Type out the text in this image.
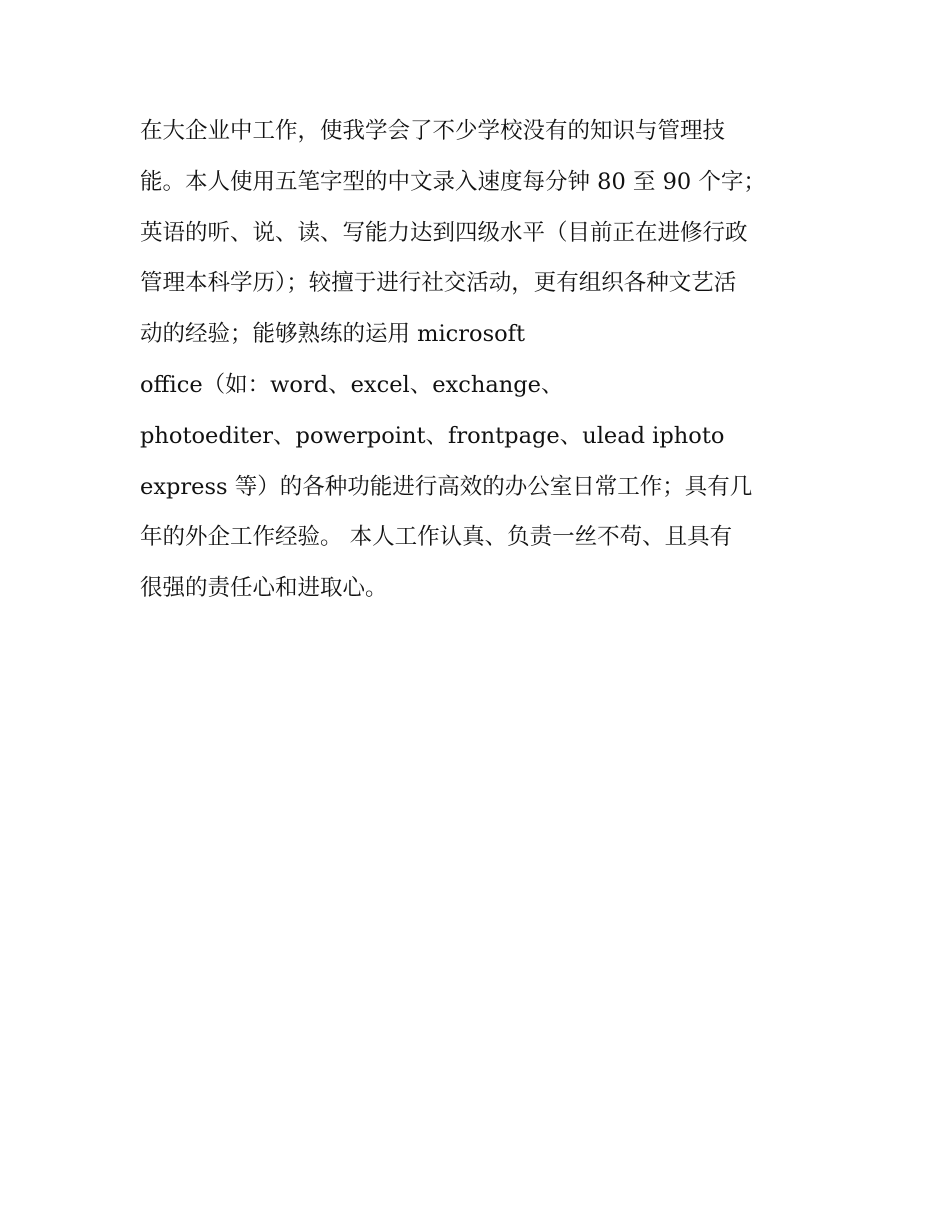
在大企业中工作，使我学会了不少学校没有的知识与管理技
能。本人使用五笔字型的中文录入速度每分钟 80 至 90 个字；
英语的听、说、读、写能力达到四级水平（目前正在进修行政
管理本科学历）；较擅于进行社交活动，更有组织各种文艺活
动的经验；能够熟练的运用 microsoft
office（如：word、excel、exchange、
photoediter、powerpoint、frontpage、ulead iphoto
express 等）的各种功能进行高效的办公室日常工作；具有几
年的外企工作经验。 本人工作认真、负责一丝不苟、且具有
很强的责任心和进取心。
